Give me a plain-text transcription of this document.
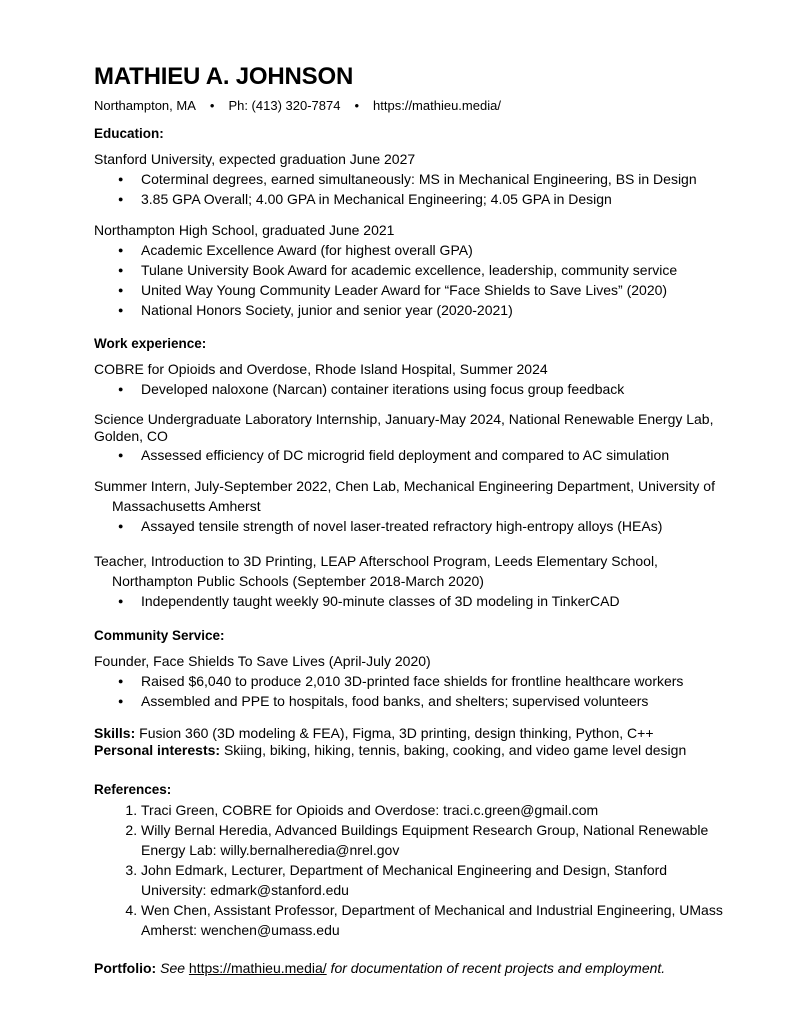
MATHIEU A. JOHNSON
Northampton, MA • Ph: (413) 320-7874 • https://mathieu.media/

Education:

Stanford University, expected graduation June 2027

● Coterminal degrees, earned simultaneously: MS in Mechanical Engineering, BS in Design
● 3.85 GPA Overall; 4.00 GPA in Mechanical Engineering; 4.05 GPA in Design

Northampton High School, graduated June 2021

● Academic Excellence Award (for highest overall GPA)
● Tulane University Book Award for academic excellence, leadership, community service
● United Way Young Community Leader Award for “Face Shields to Save Lives” (2020)
● National Honors Society, junior and senior year (2020-2021)

Work experience:

COBRE for Opioids and Overdose, Rhode Island Hospital, Summer 2024

● Developed naloxone (Narcan) container iterations using focus group feedback

Science Undergraduate Laboratory Internship, January-May 2024, National Renewable Energy Lab, Golden, CO

● Assessed efficiency of DC microgrid field deployment and compared to AC simulation

Summer Intern, July-September 2022, Chen Lab, Mechanical Engineering Department, University of Massachusetts Amherst

● Assayed tensile strength of novel laser-treated refractory high-entropy alloys (HEAs)

Teacher, Introduction to 3D Printing, LEAP Afterschool Program, Leeds Elementary School, Northampton Public Schools (September 2018-March 2020)

● Independently taught weekly 90-minute classes of 3D modeling in TinkerCAD

Community Service:

Founder, Face Shields To Save Lives (April-July 2020)

● Raised $6,040 to produce 2,010 3D-printed face shields for frontline healthcare workers
● Assembled and PPE to hospitals, food banks, and shelters; supervised volunteers

Skills: Fusion 360 (3D modeling & FEA), Figma, 3D printing, design thinking, Python, C++

Personal interests: Skiing, biking, hiking, tennis, baking, cooking, and video game level design

References:

1. Traci Green, COBRE for Opioids and Overdose: traci.c.green@gmail.com
2. Willy Bernal Heredia, Advanced Buildings Equipment Research Group, National Renewable Energy Lab: willy.bernalheredia@nrel.gov
3. John Edmark, Lecturer, Department of Mechanical Engineering and Design, Stanford University: edmark@stanford.edu
4. Wen Chen, Assistant Professor, Department of Mechanical and Industrial Engineering, UMass Amherst: wenchen@umass.edu

Portfolio: See https://mathieu.media/ for documentation of recent projects and employment.
